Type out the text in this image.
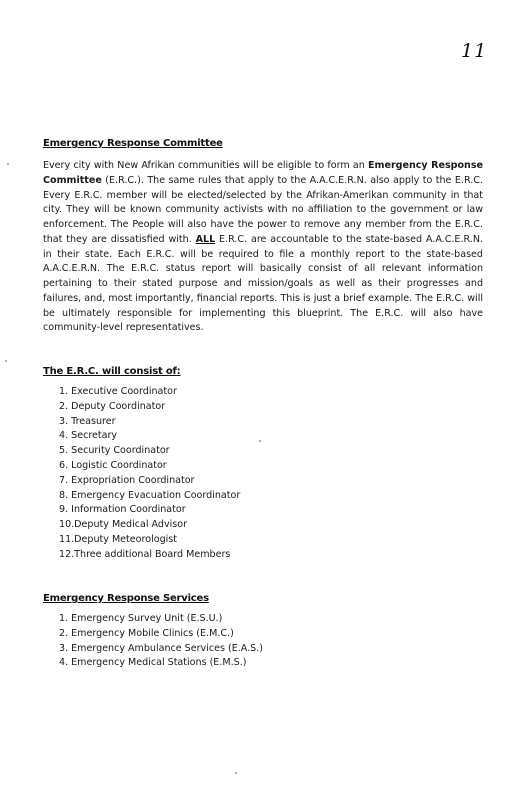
11
Emergency Response Committee

Every city with New Afrikan communities will be eligible to form an Emergency Response Committee (E.R.C.). The same rules that apply to the A.A.C.E.R.N. also apply to the E.R.C. Every E.R.C. member will be elected/selected by the Afrikan-Amerikan community in that city. They will be known community activists with no affiliation to the government or law enforcement. The People will also have the power to remove any member from the E.R.C. that they are dissatisfied with. ALL E.R.C. are accountable to the state-based A.A.C.E.R.N. in their state. Each E.R.C. will be required to file a monthly report to the state-based A.A.C.E.R.N. The E.R.C. status report will basically consist of all relevant information pertaining to their stated purpose and mission/goals as well as their progresses and failures, and, most importantly, financial reports. This is just a brief example. The E.R.C. will be ultimately responsible for implementing this blueprint. The E.R.C. will also have community-level representatives.

The E.R.C. will consist of:
1. Executive Coordinator
2. Deputy Coordinator
3. Treasurer
4. Secretary
5. Security Coordinator
6. Logistic Coordinator
7. Expropriation Coordinator
8. Emergency Evacuation Coordinator
9. Information Coordinator
10.Deputy Medical Advisor
11.Deputy Meteorologist
12.Three additional Board Members
Emergency Response Services
1. Emergency Survey Unit (E.S.U.)
2. Emergency Mobile Clinics (E.M.C.)
3. Emergency Ambulance Services (E.A.S.)
4. Emergency Medical Stations (E.M.S.)
